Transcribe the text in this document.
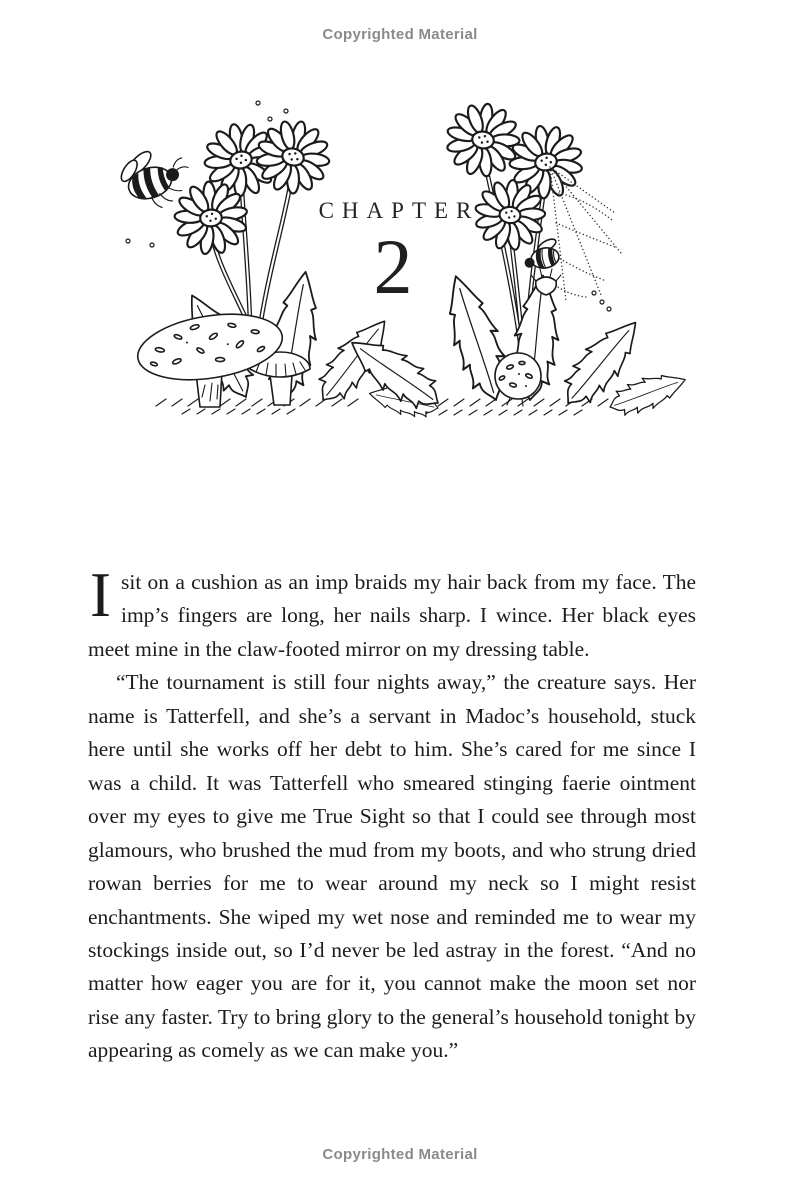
Copyrighted Material
CHAPTER
2

Isit on a cushion as an imp braids my hair back from my face. The imp’s fingers are long, her nails sharp. I wince. Her black eyes meet mine in the claw-footed mirror on my dressing table.

“The tournament is still four nights away,” the creature says. Her name is Tatterfell, and she’s a servant in Madoc’s household, stuck here until she works off her debt to him. She’s cared for me since I was a child. It was Tatterfell who smeared stinging faerie ointment over my eyes to give me True Sight so that I could see through most glamours, who brushed the mud from my boots, and who strung dried rowan berries for me to wear around my neck so I might resist enchantments. She wiped my wet nose and reminded me to wear my stockings inside out, so I’d never be led astray in the forest. “And no matter how eager you are for it, you cannot make the moon set nor rise any faster. Try to bring glory to the general’s household tonight by appearing as comely as we can make you.”

Copyrighted Material
